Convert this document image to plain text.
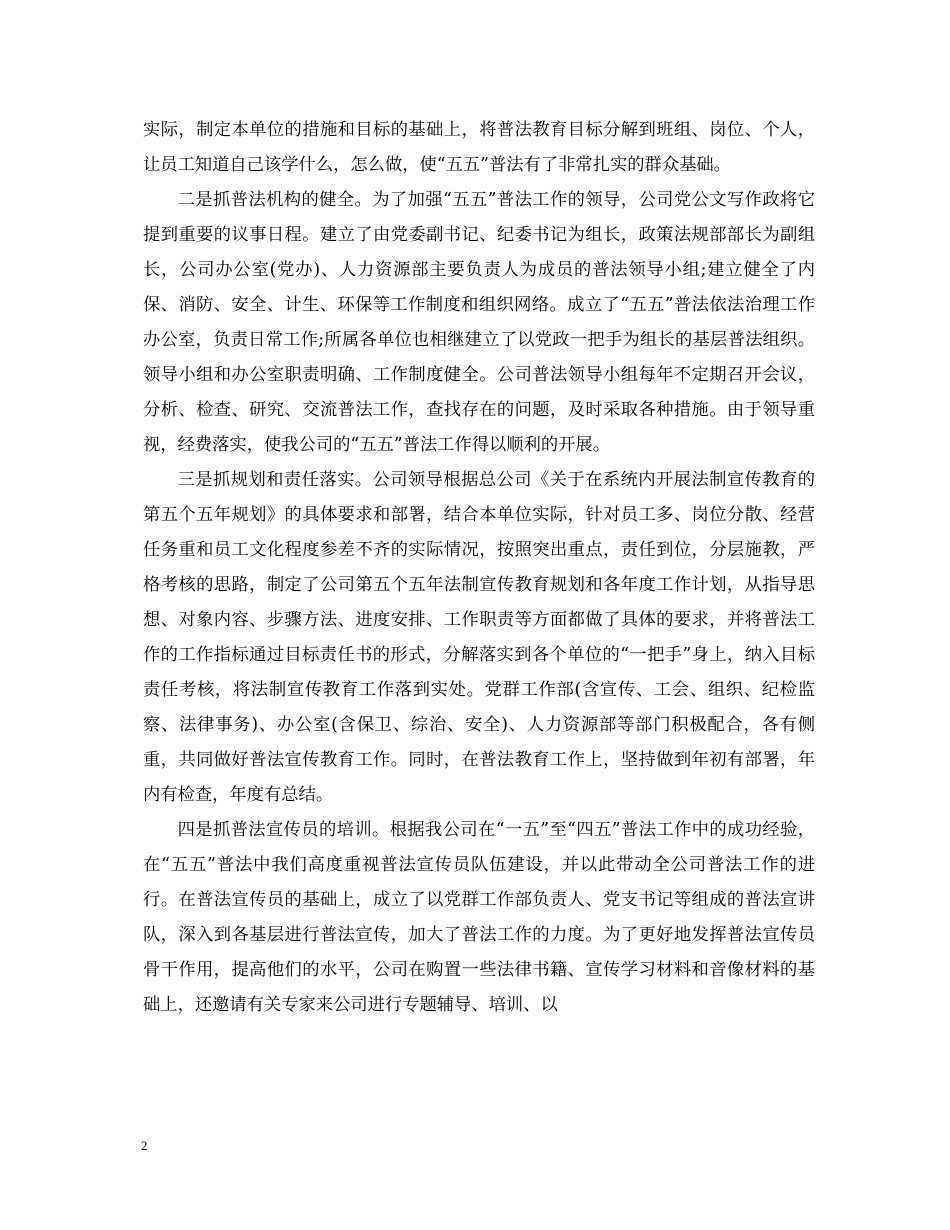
实际，制定本单位的措施和目标的基础上，将普法教育目标分解到班组、岗位、个人，让员工知道自己该学什么，怎么做，使“五五”普法有了非常扎实的群众基础。

二是抓普法机构的健全。为了加强“五五”普法工作的领导，公司党公文写作政将它提到重要的议事日程。建立了由党委副书记、纪委书记为组长，政策法规部部长为副组长，公司办公室(党办)、人力资源部主要负责人为成员的普法领导小组;建立健全了内保、消防、安全、计生、环保等工作制度和组织网络。成立了“五五”普法依法治理工作办公室，负责日常工作;所属各单位也相继建立了以党政一把手为组长的基层普法组织。领导小组和办公室职责明确、工作制度健全。公司普法领导小组每年不定期召开会议，分析、检查、研究、交流普法工作，查找存在的问题，及时采取各种措施。由于领导重视，经费落实，使我公司的“五五”普法工作得以顺利的开展。

三是抓规划和责任落实。公司领导根据总公司《关于在系统内开展法制宣传教育的第五个五年规划》的具体要求和部署，结合本单位实际，针对员工多、岗位分散、经营任务重和员工文化程度参差不齐的实际情况，按照突出重点，责任到位，分层施教，严格考核的思路，制定了公司第五个五年法制宣传教育规划和各年度工作计划，从指导思想、对象内容、步骤方法、进度安排、工作职责等方面都做了具体的要求，并将普法工作的工作指标通过目标责任书的形式，分解落实到各个单位的“一把手”身上，纳入目标责任考核，将法制宣传教育工作落到实处。党群工作部(含宣传、工会、组织、纪检监察、法律事务)、办公室(含保卫、综治、安全)、人力资源部等部门积极配合，各有侧重，共同做好普法宣传教育工作。同时，在普法教育工作上，坚持做到年初有部署，年内有检查，年度有总结。

四是抓普法宣传员的培训。根据我公司在“一五”至“四五”普法工作中的成功经验，在“五五”普法中我们高度重视普法宣传员队伍建设，并以此带动全公司普法工作的进行。在普法宣传员的基础上，成立了以党群工作部负责人、党支书记等组成的普法宣讲队，深入到各基层进行普法宣传，加大了普法工作的力度。为了更好地发挥普法宣传员骨干作用，提高他们的水平，公司在购置一些法律书籍、宣传学习材料和音像材料的基础上，还邀请有关专家来公司进行专题辅导、培训、以

2
